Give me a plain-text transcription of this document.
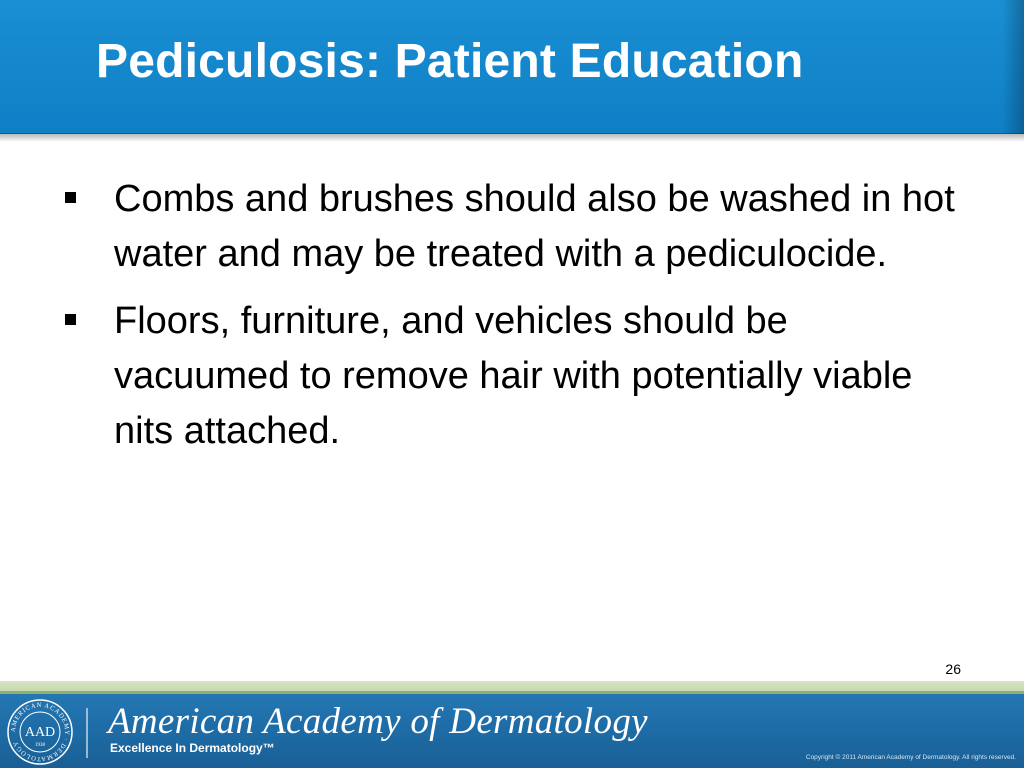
Pediculosis: Patient Education
Combs and brushes should also be washed in hot water and may be treated with a pediculocide.
Floors, furniture, and vehicles should be vacuumed to remove hair with potentially viable nits attached.
26
AMERICAN ACADEMY · DERMATOLOGY
AAD
1938
American Academy of Dermatology
Excellence In Dermatology™
Copyright © 2011 American Academy of Dermatology. All rights reserved.
